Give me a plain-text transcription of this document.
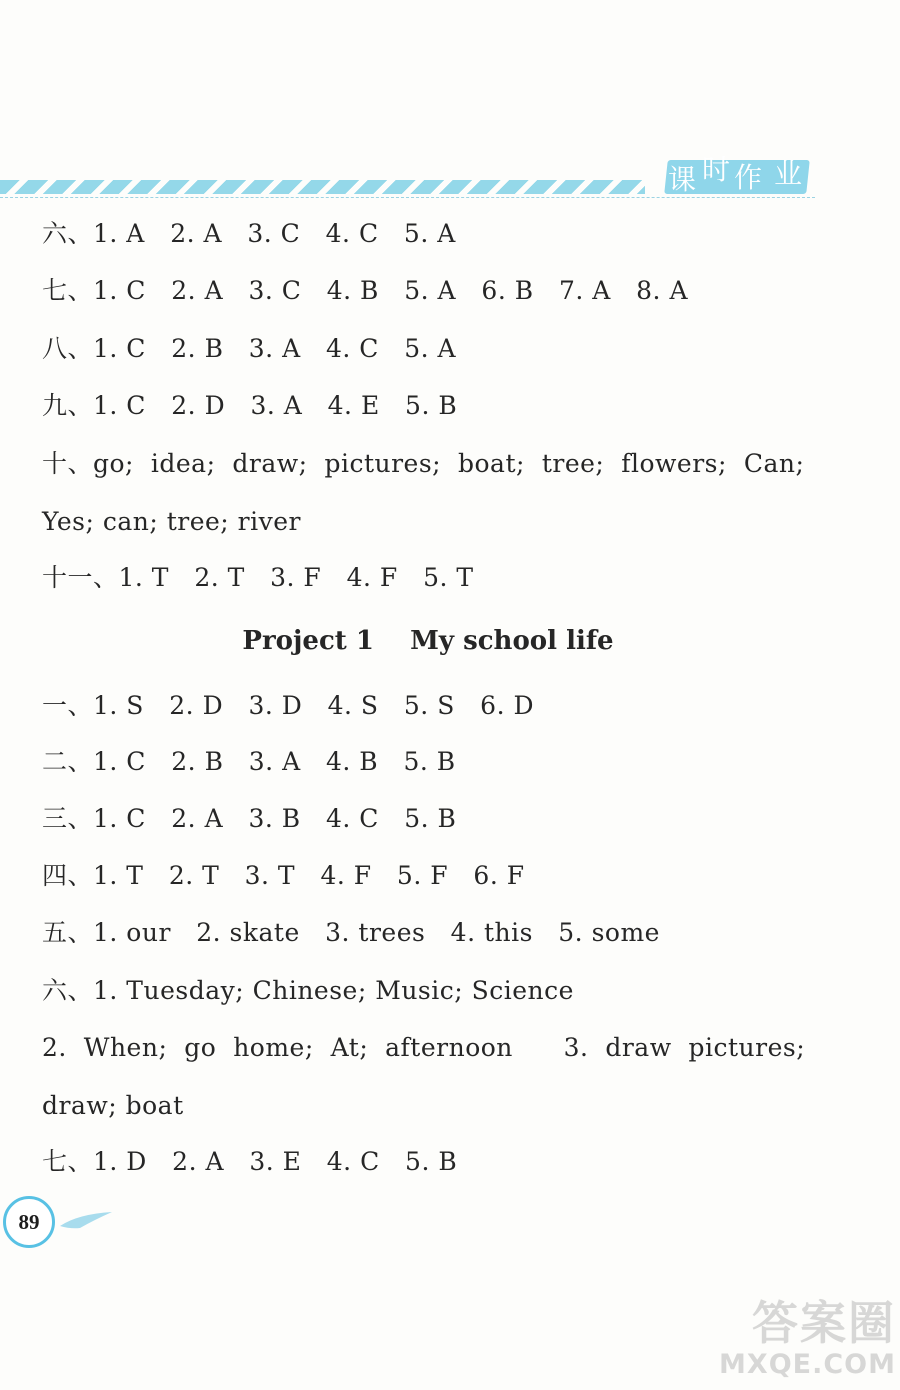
课 时 作 业
六、1. A   2. A   3. C   4. C   5. A
七、1. C   2. A   3. C   4. B   5. A   6. B   7. A   8. A
八、1. C   2. B   3. A   4. C   5. A
九、1. C   2. D   3. A   4. E   5. B
十、go;  idea;  draw;  pictures;  boat;  tree;  flowers;  Can;
Yes; can; tree; river
十一、1. T   2. T   3. F   4. F   5. T
Project 1    My school life
一、1. S   2. D   3. D   4. S   5. S   6. D
二、1. C   2. B   3. A   4. B   5. B
三、1. C   2. A   3. B   4. C   5. B
四、1. T   2. T   3. T   4. F   5. F   6. F
五、1. our   2. skate   3. trees   4. this   5. some
六、1. Tuesday; Chinese; Music; Science
2.  When;  go  home;  At;  afternoon      3.  draw  pictures;
draw; boat
七、1. D   2. A   3. E   4. C   5. B
89
答案圈
MXQE.COM
